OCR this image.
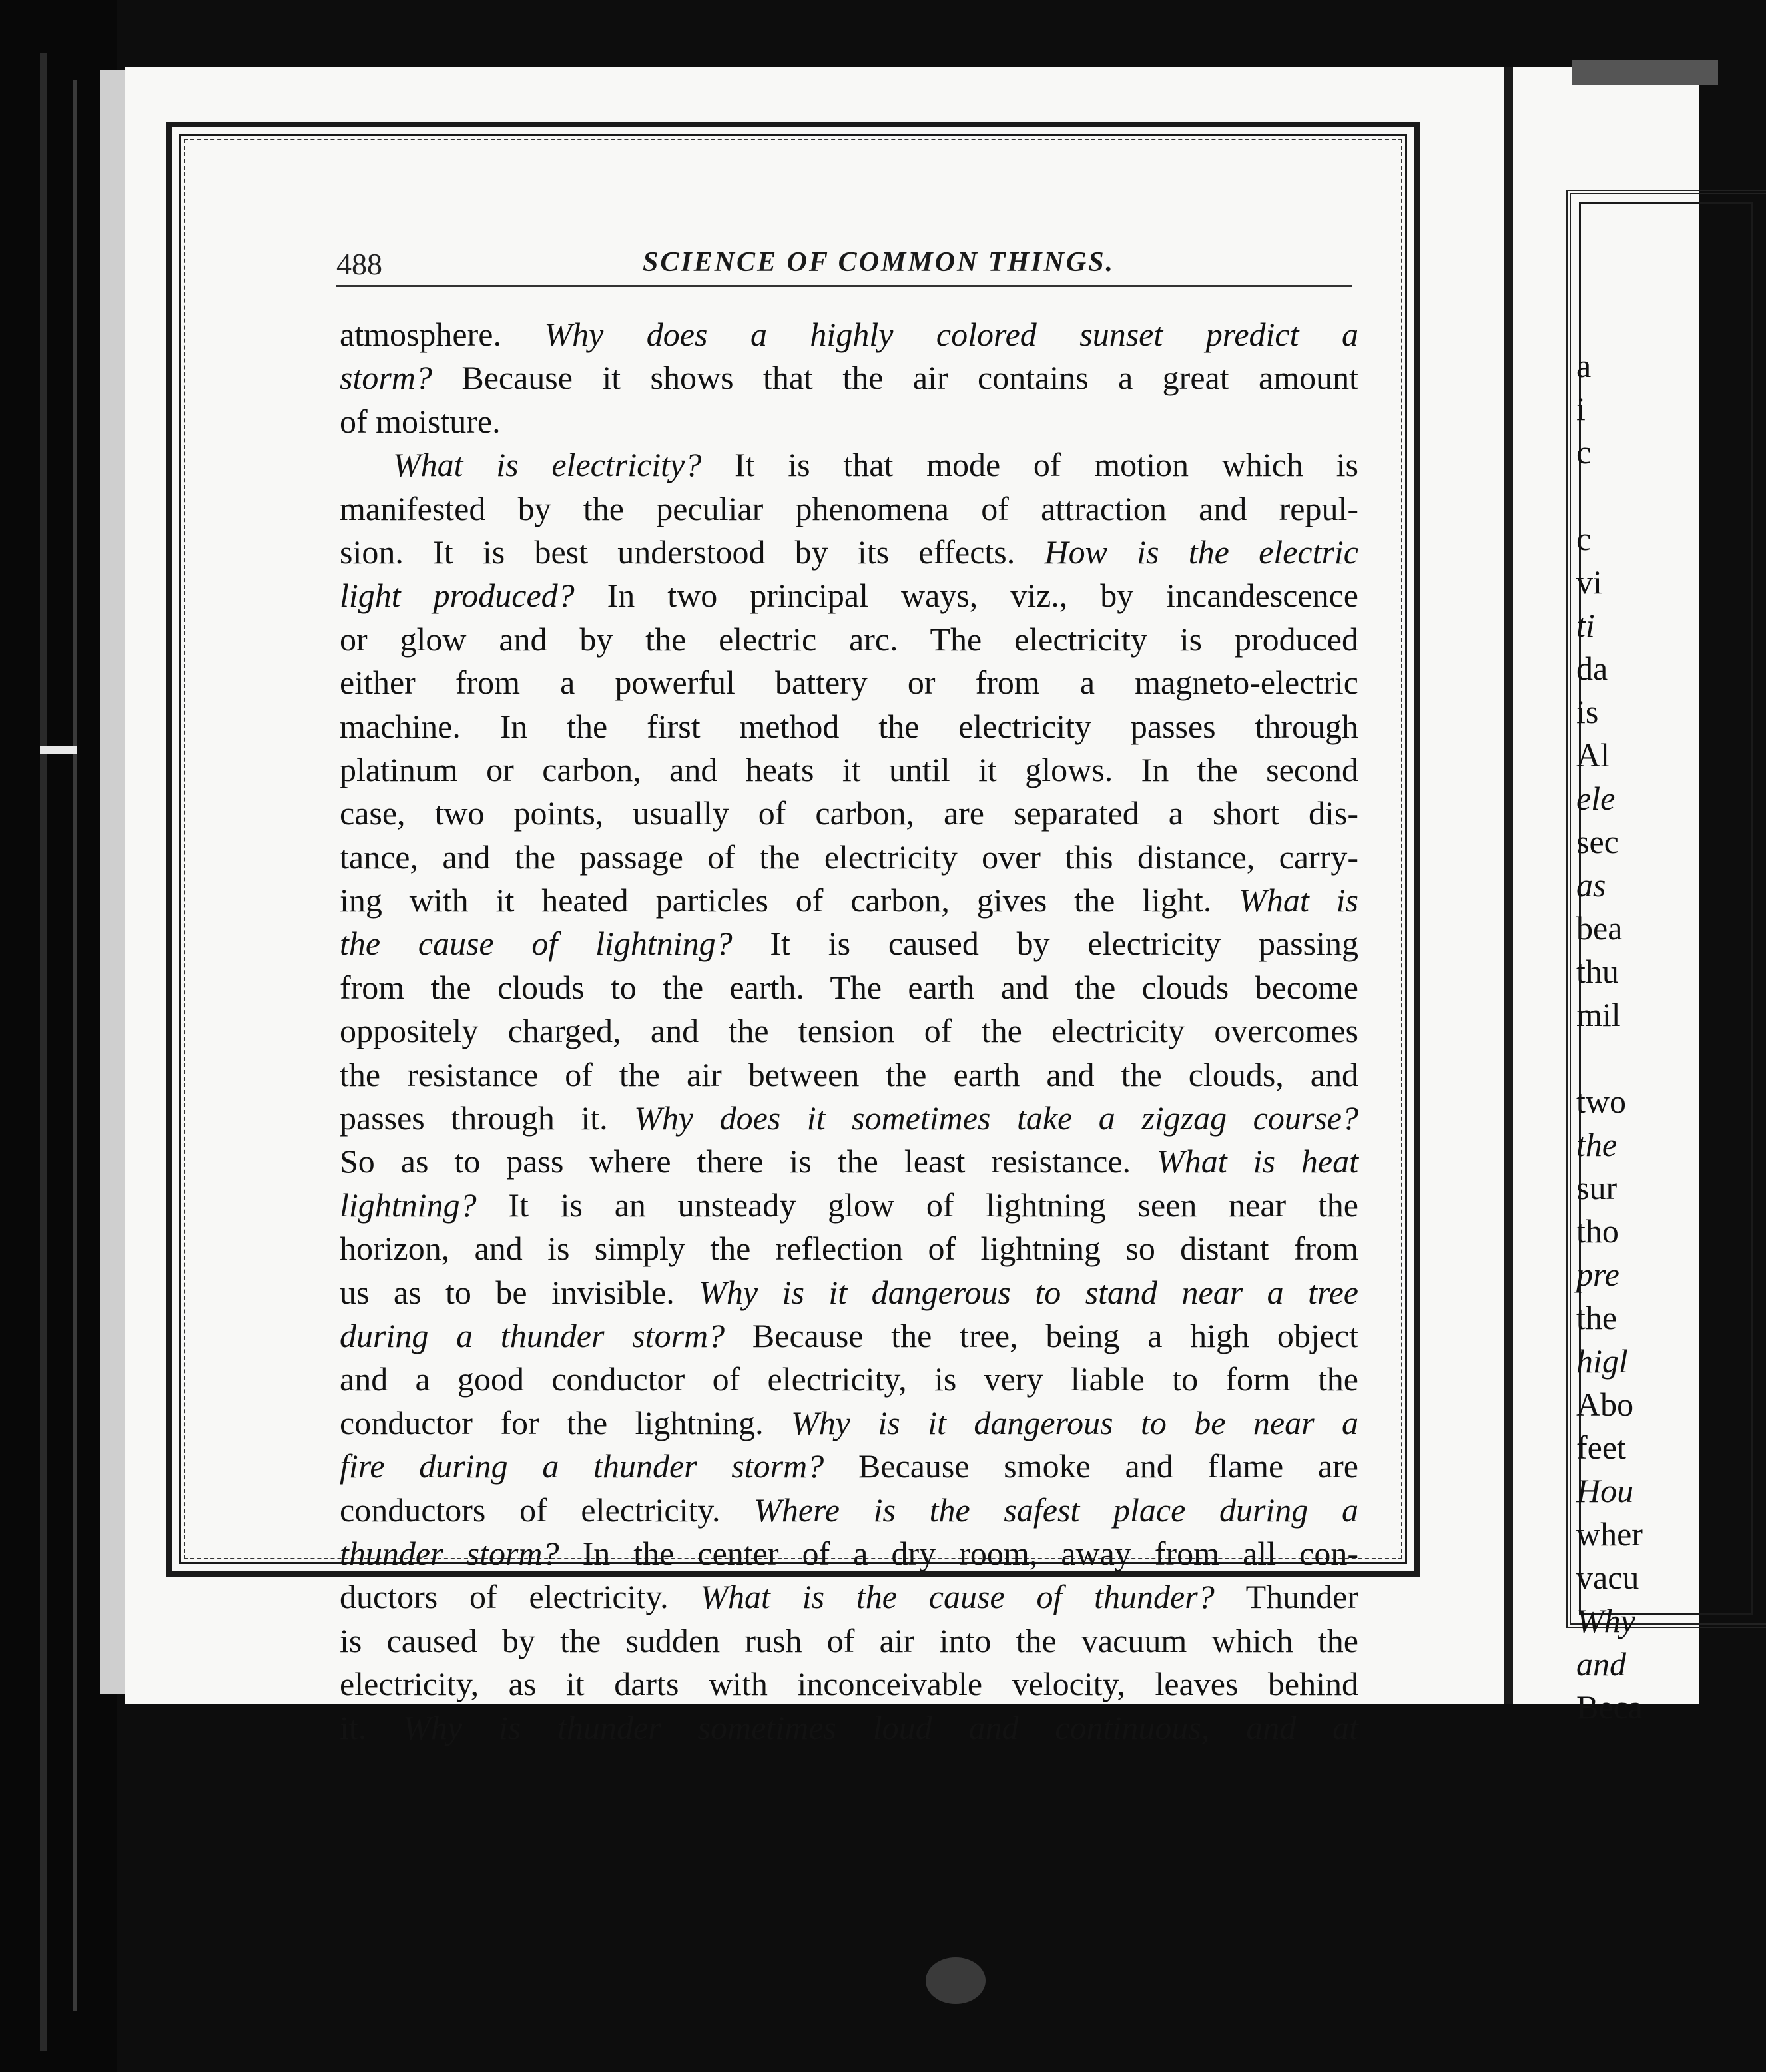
488	SCIENCE OF COMMON THINGS.
atmosphere. Why does a highly colored sunset predict a
storm? Because it shows that the air contains a great amount
of moisture.
What is electricity? It is that mode of motion which is
manifested by the peculiar phenomena of attraction and repul-
sion. It is best understood by its effects. How is the electric
light produced? In two principal ways, viz., by incandescence
or glow and by the electric arc. The electricity is produced
either from a powerful battery or from a magneto-electric
machine. In the first method the electricity passes through
platinum or carbon, and heats it until it glows. In the second
case, two points, usually of carbon, are separated a short dis-
tance, and the passage of the electricity over this distance, carry-
ing with it heated particles of carbon, gives the light. What is
the cause of lightning? It is caused by electricity passing
from the clouds to the earth. The earth and the clouds become
oppositely charged, and the tension of the electricity overcomes
the resistance of the air between the earth and the clouds, and
passes through it. Why does it sometimes take a zigzag course?
So as to pass where there is the least resistance. What is heat
lightning? It is an unsteady glow of lightning seen near the
horizon, and is simply the reflection of lightning so distant from
us as to be invisible. Why is it dangerous to stand near a tree
during a thunder storm? Because the tree, being a high object
and a good conductor of electricity, is very liable to form the
conductor for the lightning. Why is it dangerous to be near a
fire during a thunder storm? Because smoke and flame are
conductors of electricity. Where is the safest place during a
thunder storm? In the center of a dry room, away from all con-
ductors of electricity. What is the cause of thunder? Thunder
is caused by the sudden rush of air into the vacuum which the
electricity, as it darts with inconceivable velocity, leaves behind
it. Why is thunder sometimes loud and continuous, and at
a
i
c
c
vi
ti
da
is
Al
ele
sec
as
bea
thu
mil
two
the
sur
tho
pre
the
higl
Abo
feet
Hou
wher
vacu
Why
and
Beca
